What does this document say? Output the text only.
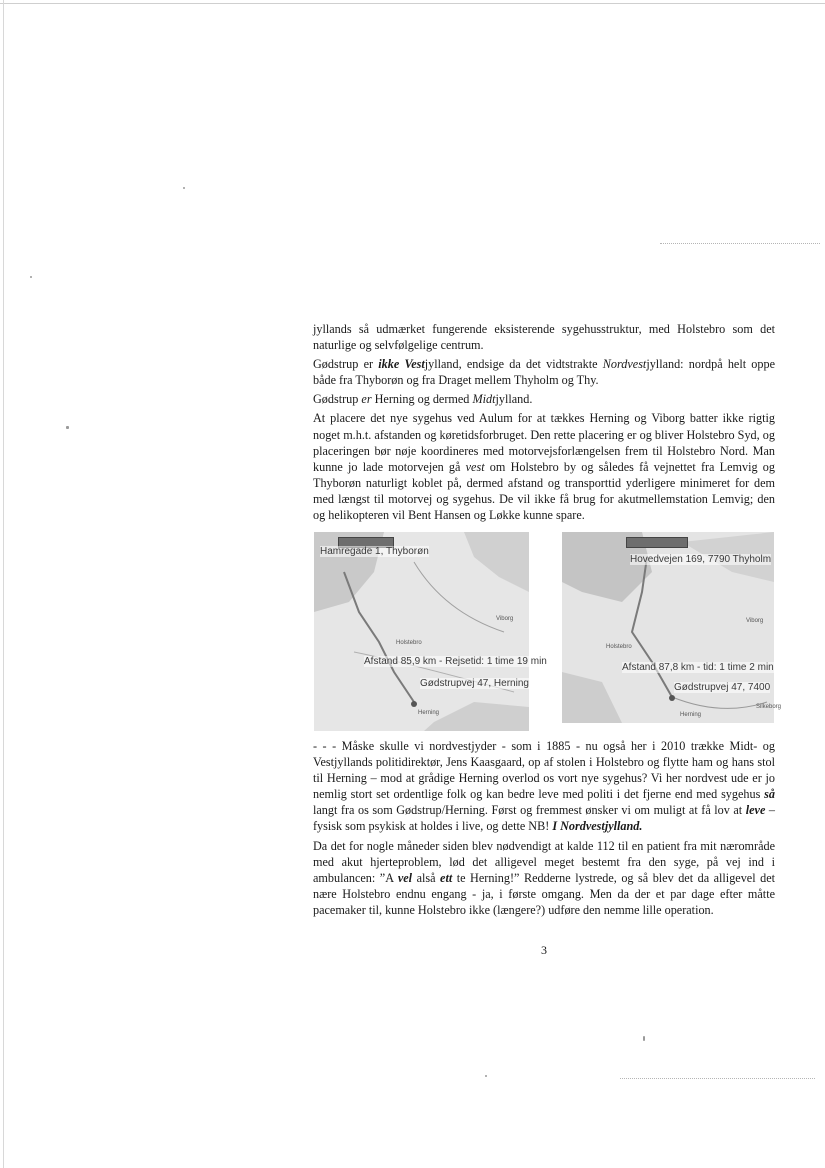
jyllands så udmærket fungerende eksisterende sygehusstruktur, med Holstebro som det naturlige og selvfølgelige centrum.

Gødstrup er ikke Vestjylland, endsige da det vidtstrakte Nordvestjylland: nordpå helt oppe både fra Thyborøn og fra Draget mellem Thyholm og Thy.

Gødstrup er Herning og dermed Midtjylland.

At placere det nye sygehus ved Aulum for at tækkes Herning og Viborg batter ikke rigtig noget m.h.t. afstanden og køretidsforbruget. Den rette placering er og bliver Holstebro Syd, og placeringen bør nøje koordineres med motorvejsforlængelsen frem til Holstebro Nord. Man kunne jo lade motorvejen gå vest om Holstebro by og således få vejnettet fra Lemvig og Thyborøn naturligt koblet på, dermed afstand og transporttid yderligere minimeret for dem med længst til motorvej og sygehus. De vil ikke få brug for akutmellemstation Lemvig; den og helikopteren vil Bent Hansen og Løkke kunne spare.

Hamregade 1, Thyborøn
Viborg
Holstebro
Afstand 85,9 km - Rejsetid: 1 time 19 min
Gødstrupvej 47, Herning
Herning
Hovedvejen 169, 7790 Thyholm
Viborg
Holstebro
Afstand 87,8 km - tid: 1 time 2 min
Gødstrupvej 47, 7400
Herning
Silkeborg

- - - Måske skulle vi nordvestjyder - som i 1885 - nu også her i 2010 trække Midt- og Vestjyllands politidirektør, Jens Kaasgaard, op af stolen i Holstebro og flytte ham og hans stol til Herning – mod at grådige Herning overlod os vort nye sygehus? Vi her nordvest ude er jo nemlig stort set ordentlige folk og kan bedre leve med politi i det fjerne end med sygehus så langt fra os som Gødstrup/Herning. Først og fremmest ønsker vi om muligt at få lov at leve – fysisk som psykisk at holdes i live, og dette NB! I Nordvestjylland.

Da det for nogle måneder siden blev nødvendigt at kalde 112 til en patient fra mit nærområde med akut hjerteproblem, lød det alligevel meget bestemt fra den syge, på vej ind i ambulancen: ”A vel alså ett te Herning!” Redderne lystrede, og så blev det da alligevel det nære Holstebro endnu engang - ja, i første omgang. Men da der et par dage efter måtte pacemaker til, kunne Holstebro ikke (længere?) udføre den nemme lille operation.

3
